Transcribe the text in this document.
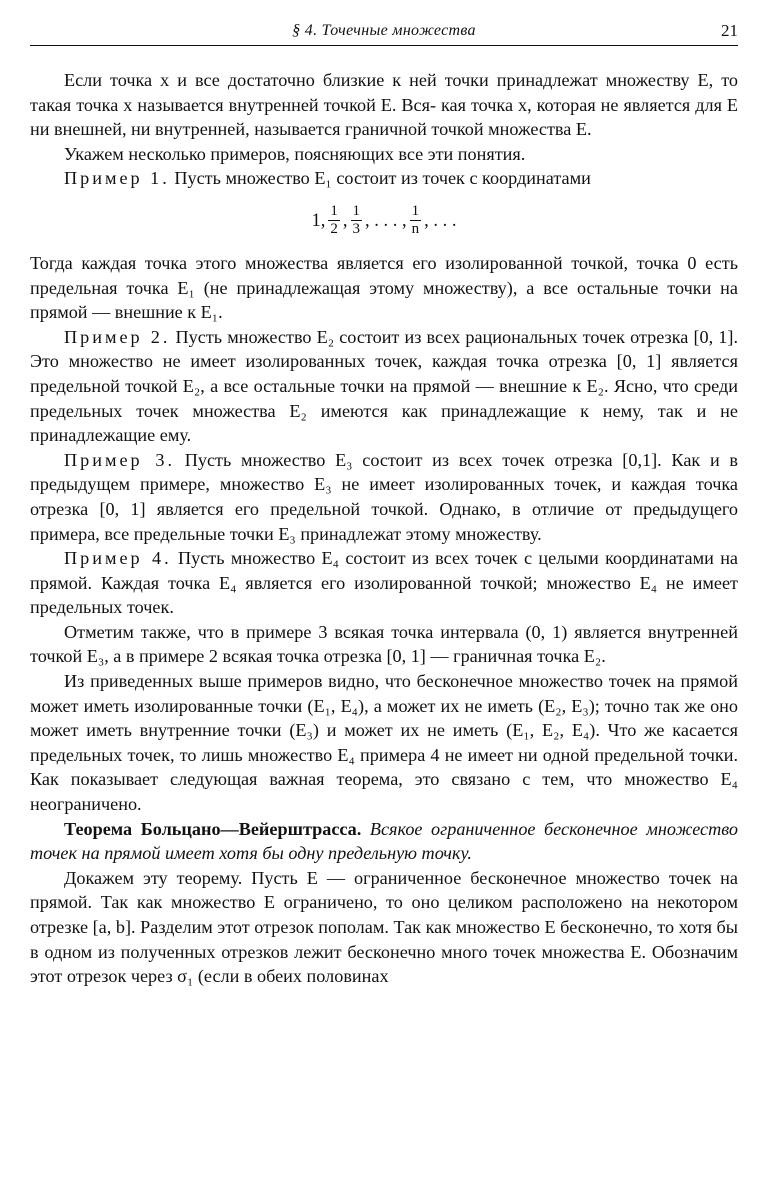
§ 4. Точечные множества	21

Если точка x и все достаточно близкие к ней точки принадлежат множеству E, то такая точка x называется внутренней точкой E. Вся- кая точка x, которая не является для E ни внешней, ни внутренней, называется граничной точкой множества E.

Укажем несколько примеров, поясняющих все эти понятия.

Пример 1. Пусть множество E₁ состоит из точек с координатами

1, $\frac{1}{2}$ , $\frac{1}{3}$ , . . . , $\frac{1}{n}$ , . . .

Тогда каждая точка этого множества является его изолированной точкой, точка 0 есть предельная точка E₁ (не принадлежащая этому множеству), а все остальные точки на прямой — внешние к E₁.

Пример 2. Пусть множество E₂ состоит из всех рациональных точек отрезка [0, 1]. Это множество не имеет изолированных точек, каждая точка отрезка [0, 1] является предельной точкой E₂, а все остальные точки на прямой — внешние к E₂. Ясно, что среди предельных точек множества E₂ имеются как принадлежащие к нему, так и не принадлежащие ему.

Пример 3. Пусть множество E₃ состоит из всех точек отрезка [0,1]. Как и в предыдущем примере, множество E₃ не имеет изолированных точек, и каждая точка отрезка [0, 1] является его предельной точкой. Однако, в отличие от предыдущего примера, все предельные точки E₃ принадлежат этому множеству.

Пример 4. Пусть множество E₄ состоит из всех точек с целыми координатами на прямой. Каждая точка E₄ является его изолированной точкой; множество E₄ не имеет предельных точек.

Отметим также, что в примере 3 всякая точка интервала (0, 1) является внутренней точкой E₃, а в примере 2 всякая точка отрезка [0, 1] — граничная точка E₂.

Из приведенных выше примеров видно, что бесконечное множество точек на прямой может иметь изолированные точки (E₁, E₄), а может их не иметь (E₂, E₃); точно так же оно может иметь внутренние точки (E₃) и может их не иметь (E₁, E₂, E₄). Что же касается предельных точек, то лишь множество E₄ примера 4 не имеет ни одной предельной точки. Как показывает следующая важная теорема, это связано с тем, что множество E₄ неограничено.

Теорема Больцано—Вейерштрасса. Всякое ограниченное бесконечное множество точек на прямой имеет хотя бы одну предельную точку.

Докажем эту теорему. Пусть E — ограниченное бесконечное множество точек на прямой. Так как множество E ограничено, то оно целиком расположено на некотором отрезке [a, b]. Разделим этот отрезок пополам. Так как множество E бесконечно, то хотя бы в одном из полученных отрезков лежит бесконечно много точек множества E. Обозначим этот отрезок через σ₁ (если в обеих половинах
